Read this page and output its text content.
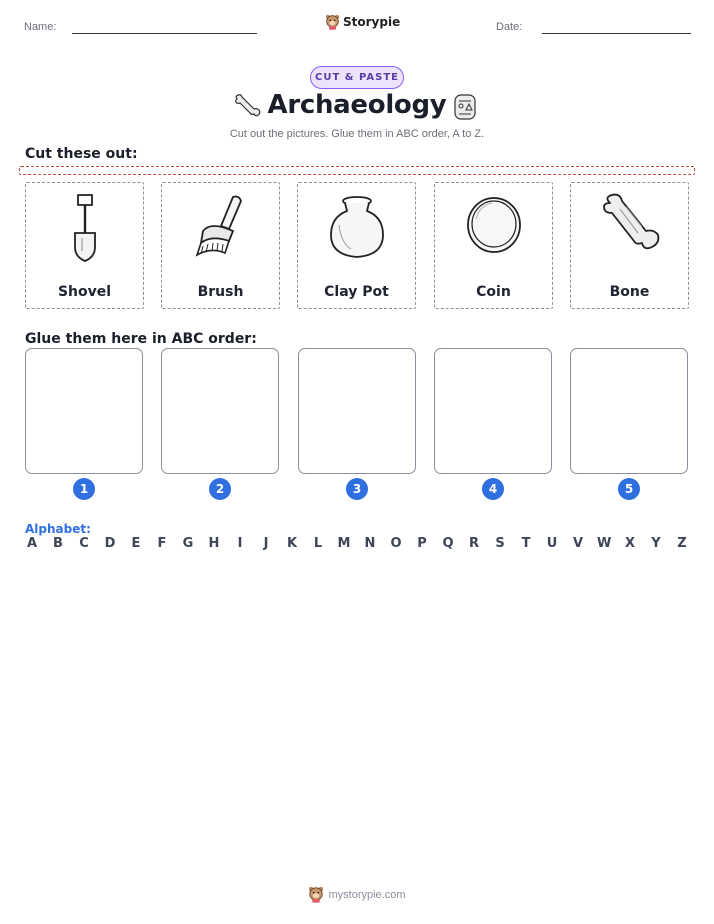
Name:	Storypie	Date:
CUT & PASTE
Archaeology
Cut out the pictures. Glue them in ABC order, A to Z.
Cut these out:
Shovel	Brush	Clay Pot	Coin	Bone
Glue them here in ABC order:
1	2	3	4	5
Alphabet:
A B C D E F G H	I	J	K L M N O P Q R S T U V W X Y Z
mystorypie.com
